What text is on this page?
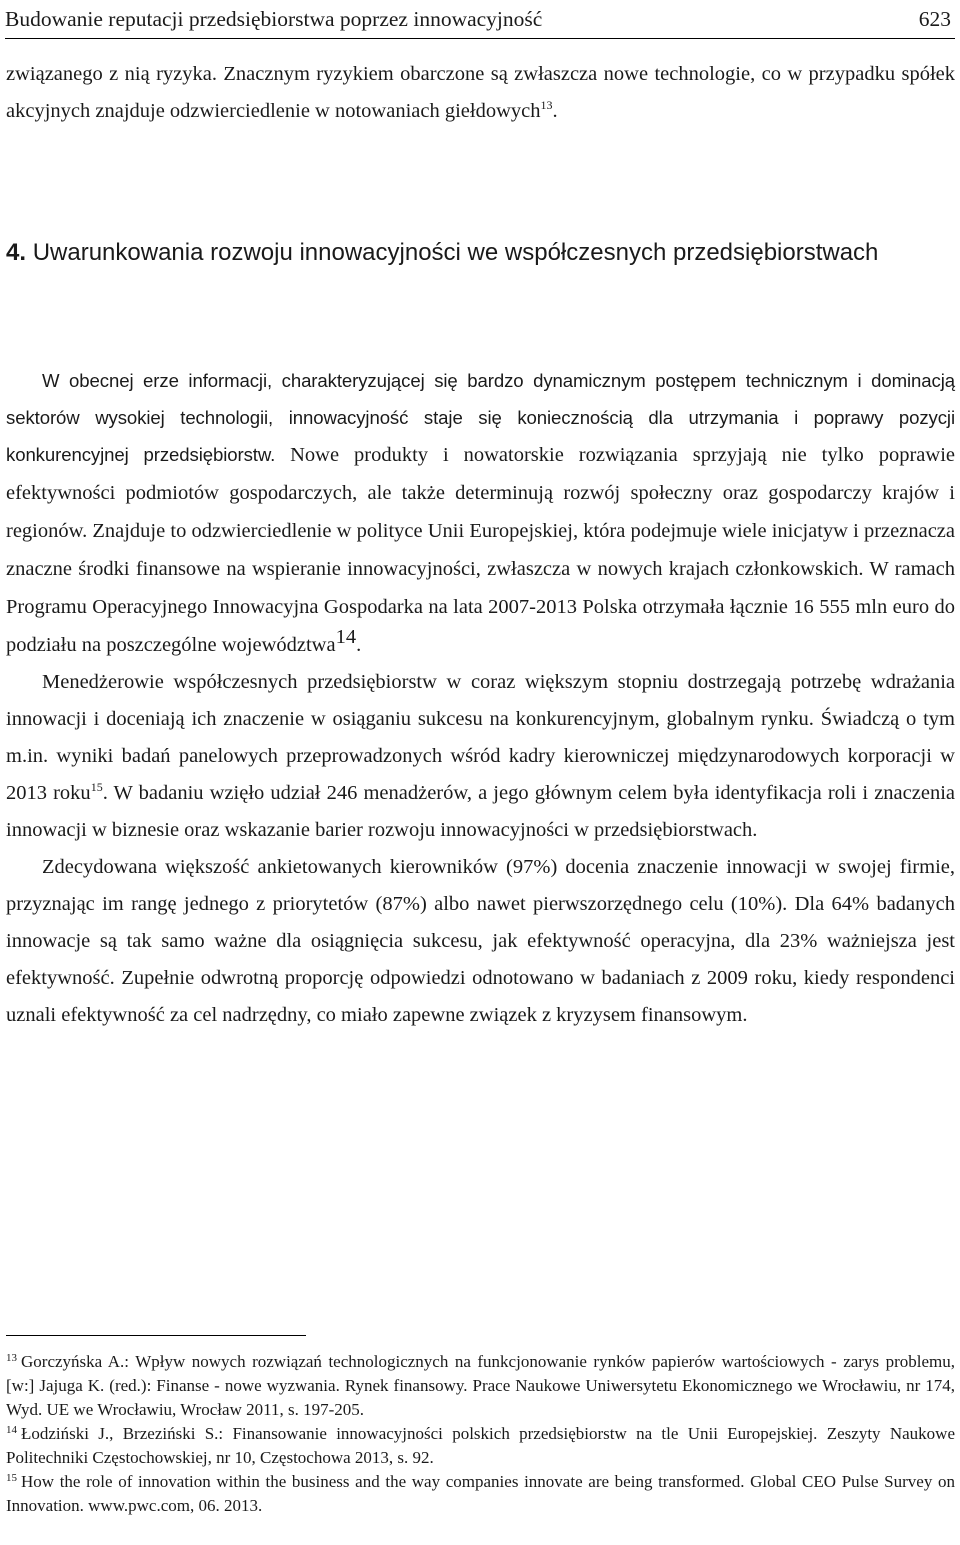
Budowanie reputacji przedsiębiorstwa poprzez innowacyjność	623

związanego z nią ryzyka. Znacznym ryzykiem obarczone są zwłaszcza nowe technologie, co w przypadku spółek akcyjnych znajduje odzwierciedlenie w notowaniach giełdowych$^{13}$.

4. Uwarunkowania rozwoju innowacyjności we współczesnych przedsiębiorstwach

W obecnej erze informacji, charakteryzującej się bardzo dynamicznym postępem technicznym i dominacją sektorów wysokiej technologii, innowacyjność staje się koniecznością dla utrzymania i poprawy pozycji konkurencyjnej przedsiębiorstw. Nowe produkty i nowatorskie rozwiązania sprzyjają nie tylko poprawie efektywności podmiotów gospodarczych, ale także determinują rozwój społeczny oraz gospodarczy krajów i regionów. Znajduje to odzwierciedlenie w polityce Unii Europejskiej, która podejmuje wiele inicjatyw i przeznacza znaczne środki finansowe na wspieranie innowacyjności, zwłaszcza w nowych krajach członkowskich. W ramach Programu Operacyjnego Innowacyjna Gospodarka na lata 2007-2013 Polska otrzymała łącznie 16 555 mln euro do podziału na poszczególne województwa$^{14}$.

Menedżerowie współczesnych przedsiębiorstw w coraz większym stopniu dostrzegają potrzebę wdrażania innowacji i doceniają ich znaczenie w osiąganiu sukcesu na konkurencyjnym, globalnym rynku. Świadczą o tym m.in. wyniki badań panelowych przeprowadzonych wśród kadry kierowniczej międzynarodowych korporacji w 2013 roku$^{15}$. W badaniu wzięło udział 246 menadżerów, a jego głównym celem była identyfikacja roli i znaczenia innowacji w biznesie oraz wskazanie barier rozwoju innowacyjności w przedsiębiorstwach.

Zdecydowana większość ankietowanych kierowników (97%) docenia znaczenie innowacji w swojej firmie, przyznając im rangę jednego z priorytetów (87%) albo nawet pierwszorzędnego celu (10%). Dla 64% badanych innowacje są tak samo ważne dla osiągnięcia sukcesu, jak efektywność operacyjna, dla 23% ważniejsza jest efektywność. Zupełnie odwrotną proporcję odpowiedzi odnotowano w badaniach z 2009 roku, kiedy respondenci uznali efektywność za cel nadrzędny, co miało zapewne związek z kryzysem finansowym.

$^{13}$ Gorczyńska A.: Wpływ nowych rozwiązań technologicznych na funkcjonowanie rynków papierów wartościowych - zarys problemu, [w:] Jajuga K. (red.): Finanse - nowe wyzwania. Rynek finansowy. Prace Naukowe Uniwersytetu Ekonomicznego we Wrocławiu, nr 174, Wyd. UE we Wrocławiu, Wrocław 2011, s. 197-205.

$^{14}$ Łodziński J., Brzeziński S.: Finansowanie innowacyjności polskich przedsiębiorstw na tle Unii Europejskiej. Zeszyty Naukowe Politechniki Częstochowskiej, nr 10, Częstochowa 2013, s. 92.

$^{15}$ How the role of innovation within the business and the way companies innovate are being transformed. Global CEO Pulse Survey on Innovation. www.pwc.com, 06. 2013.
